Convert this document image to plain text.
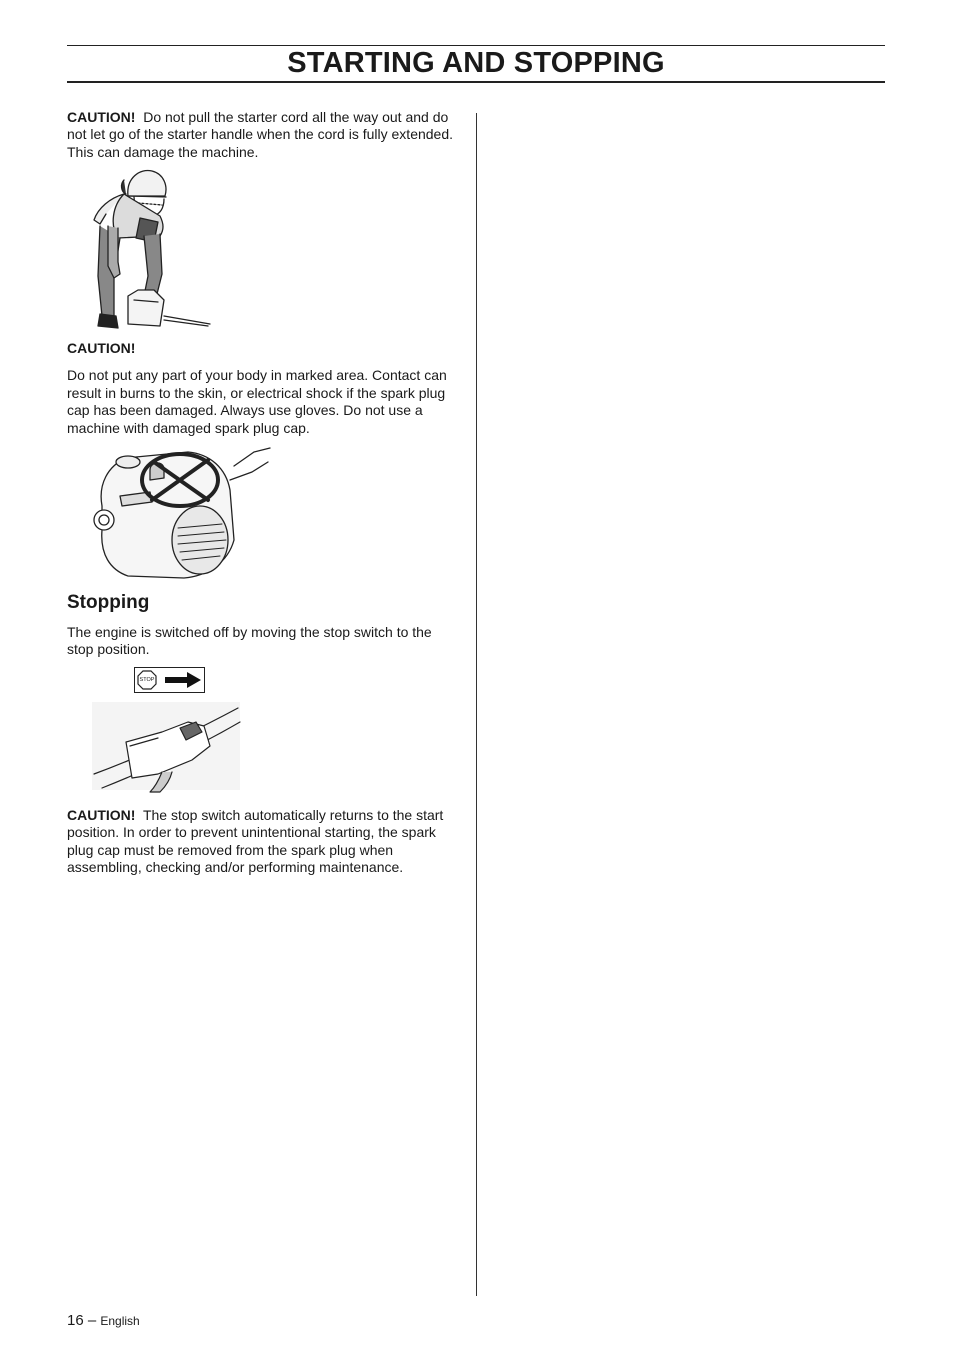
STARTING AND STOPPING

CAUTION! Do not pull the starter cord all the way out and do not let go of the starter handle when the cord is fully extended. This can damage the machine.

CAUTION!

Do not put any part of your body in marked area. Contact can result in burns to the skin, or electrical shock if the spark plug cap has been damaged. Always use gloves. Do not use a machine with damaged spark plug cap.

Stopping

The engine is switched off by moving the stop switch to the stop position.

STOP

CAUTION! The stop switch automatically returns to the start position. In order to prevent unintentional starting, the spark plug cap must be removed from the spark plug when assembling, checking and/or performing maintenance.

16 – English
